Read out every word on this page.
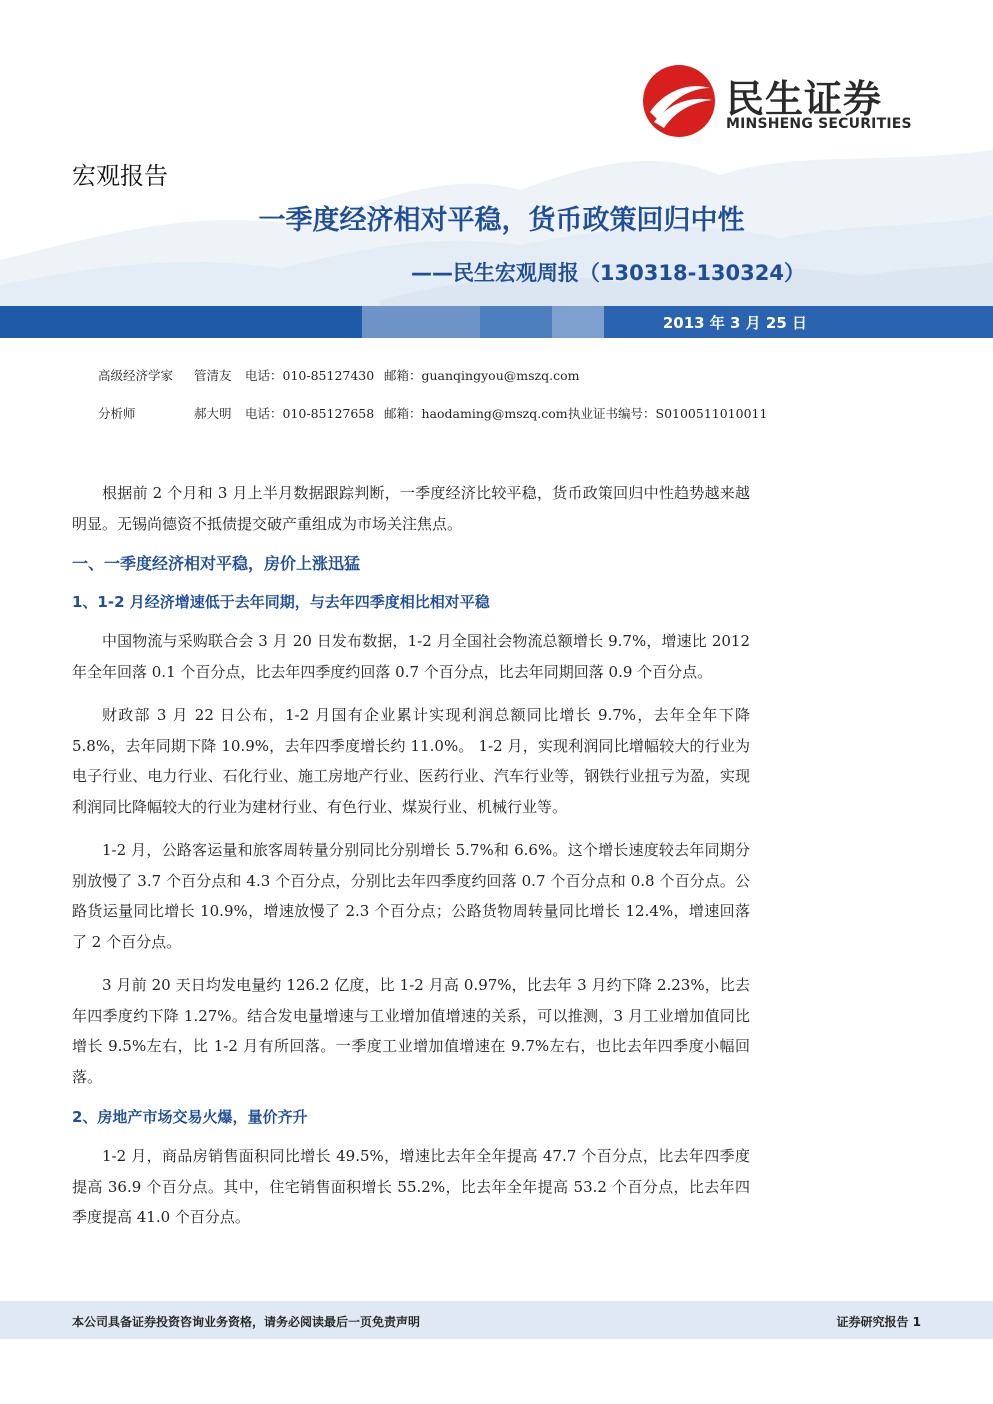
民生证券
MINSHENG SECURITIES
宏观报告
一季度经济相对平稳，货币政策回归中性
——民生宏观周报（130318-130324）
2013 年 3 月 25 日
高级经济学家 管清友 电话：010-85127430 邮箱：guanqingyou@mszq.com
分析师	郝大明 电话：010-85127658 邮箱：haodaming@mszq.com 执业证书编号：S0100511010011

根据前 2 个月和 3 月上半月数据跟踪判断，一季度经济比较平稳，货币政策回归中性趋势越来越明显。无锡尚德资不抵债提交破产重组成为市场关注焦点。

一、一季度经济相对平稳，房价上涨迅猛
1、1-2 月经济增速低于去年同期，与去年四季度相比相对平稳

中国物流与采购联合会 3 月 20 日发布数据，1-2 月全国社会物流总额增长 9.7%，增速比 2012 年全年回落 0.1 个百分点，比去年四季度约回落 0.7 个百分点，比去年同期回落 0.9 个百分点。

财政部 3 月 22 日公布，1-2 月国有企业累计实现利润总额同比增长 9.7%，去年全年下降 5.8%，去年同期下降 10.9%，去年四季度增长约 11.0%。 1-2 月，实现利润同比增幅较大的行业为电子行业、电力行业、石化行业、施工房地产行业、医药行业、汽车行业等，钢铁行业扭亏为盈，实现利润同比降幅较大的行业为建材行业、有色行业、煤炭行业、机械行业等。

1-2 月，公路客运量和旅客周转量分别同比分别增长 5.7%和 6.6%。这个增长速度较去年同期分别放慢了 3.7 个百分点和 4.3 个百分点，分别比去年四季度约回落 0.7 个百分点和 0.8 个百分点。公路货运量同比增长 10.9%，增速放慢了 2.3 个百分点；公路货物周转量同比增长 12.4%，增速回落了 2 个百分点。

3 月前 20 天日均发电量约 126.2 亿度，比 1-2 月高 0.97%，比去年 3 月约下降 2.23%，比去年四季度约下降 1.27%。结合发电量增速与工业增加值增速的关系，可以推测，3 月工业增加值同比增长 9.5%左右，比 1-2 月有所回落。一季度工业增加值增速在 9.7%左右，也比去年四季度小幅回落。

2、房地产市场交易火爆，量价齐升

1-2 月，商品房销售面积同比增长 49.5%，增速比去年全年提高 47.7 个百分点，比去年四季度提高 36.9 个百分点。其中，住宅销售面积增长 55.2%，比去年全年提高 53.2 个百分点，比去年四季度提高 41.0 个百分点。

本公司具备证券投资咨询业务资格，请务必阅读最后一页免责声明	证券研究报告 1
